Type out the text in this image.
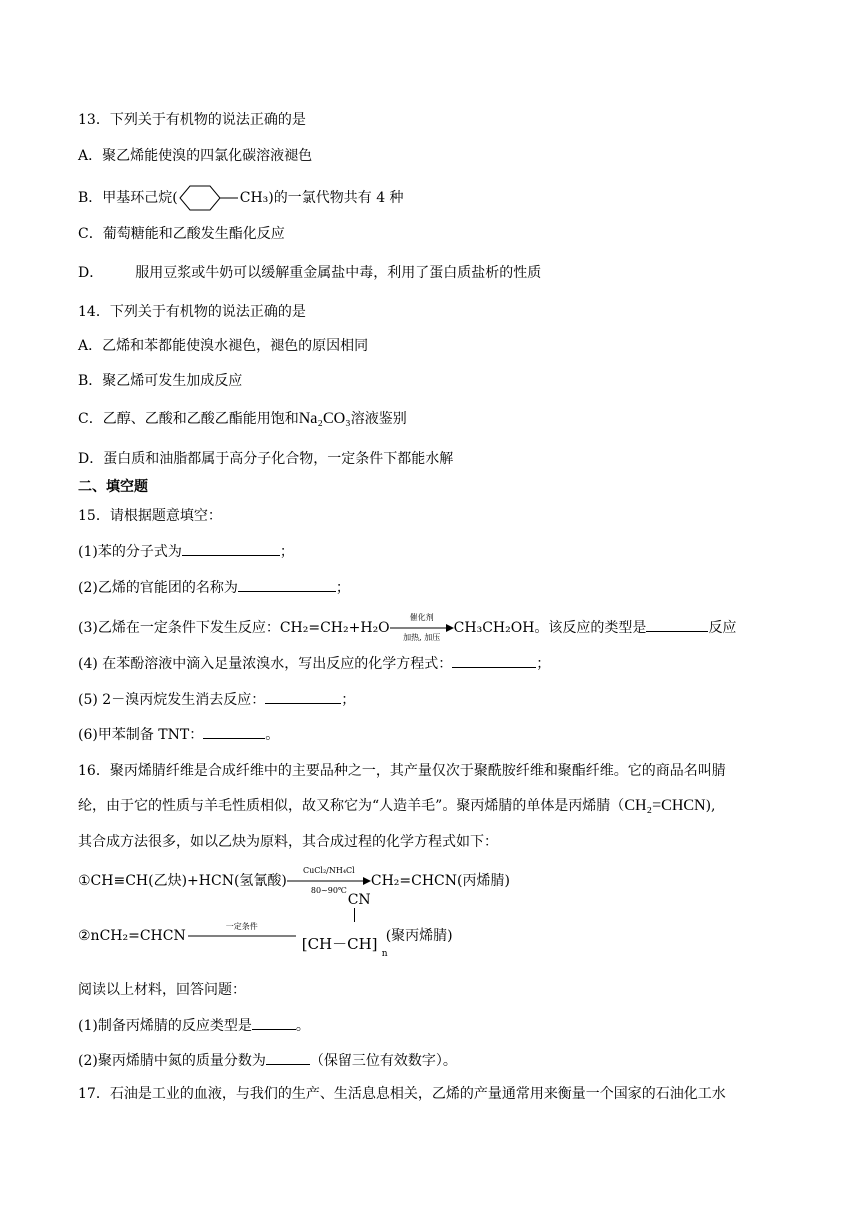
13．下列关于有机物的说法正确的是
A．聚乙烯能使溴的四氯化碳溶液褪色
B．甲基环己烷(	CH₃)的一氯代物共有 4 种
C．葡萄糖能和乙酸发生酯化反应
D． 服用豆浆或牛奶可以缓解重金属盐中毒，利用了蛋白质盐析的性质
14．下列关于有机物的说法正确的是
A．乙烯和苯都能使溴水褪色，褪色的原因相同
B．聚乙烯可发生加成反应
C．乙醇、乙酸和乙酸乙酯能用饱和Na₂CO₃溶液鉴别
D．蛋白质和油脂都属于高分子化合物，一定条件下都能水解
二、填空题
15．请根据题意填空：
(1)苯的分子式为	；
(2)乙烯的官能团的名称为	；
(3)乙烯在一定条件下发生反应：CH₂=CH₂+H₂O
催化剂
加热, 加压
CH₃CH₂OH。该反应的类型是	反应
(4) 在苯酚溶液中滴入足量浓溴水，写出反应的化学方程式：	；
(5) 2－溴丙烷发生消去反应：	；
(6)甲苯制备 TNT：	。
16．聚丙烯腈纤维是合成纤维中的主要品种之一，其产量仅次于聚酰胺纤维和聚酯纤维。它的商品名叫腈
纶，由于它的性质与羊毛性质相似，故又称它为“人造羊毛”。聚丙烯腈的单体是丙烯腈（CH₂=CHCN),
其合成方法很多，如以乙炔为原料，其合成过程的化学方程式如下：
①CH≡CH(乙炔)+HCN(氢氰酸)
CuCl₂/NH₄Cl
80~90℃
CH₂=CHCN(丙烯腈)
②nCH₂=CHCN
一定条件
CN
[CH－CH]
n
(聚丙烯腈)
阅读以上材料，回答问题：
(1)制备丙烯腈的反应类型是	。
(2)聚丙烯腈中氮的质量分数为	（保留三位有效数字）。
17．石油是工业的血液，与我们的生产、生活息息相关，乙烯的产量通常用来衡量一个国家的石油化工水
